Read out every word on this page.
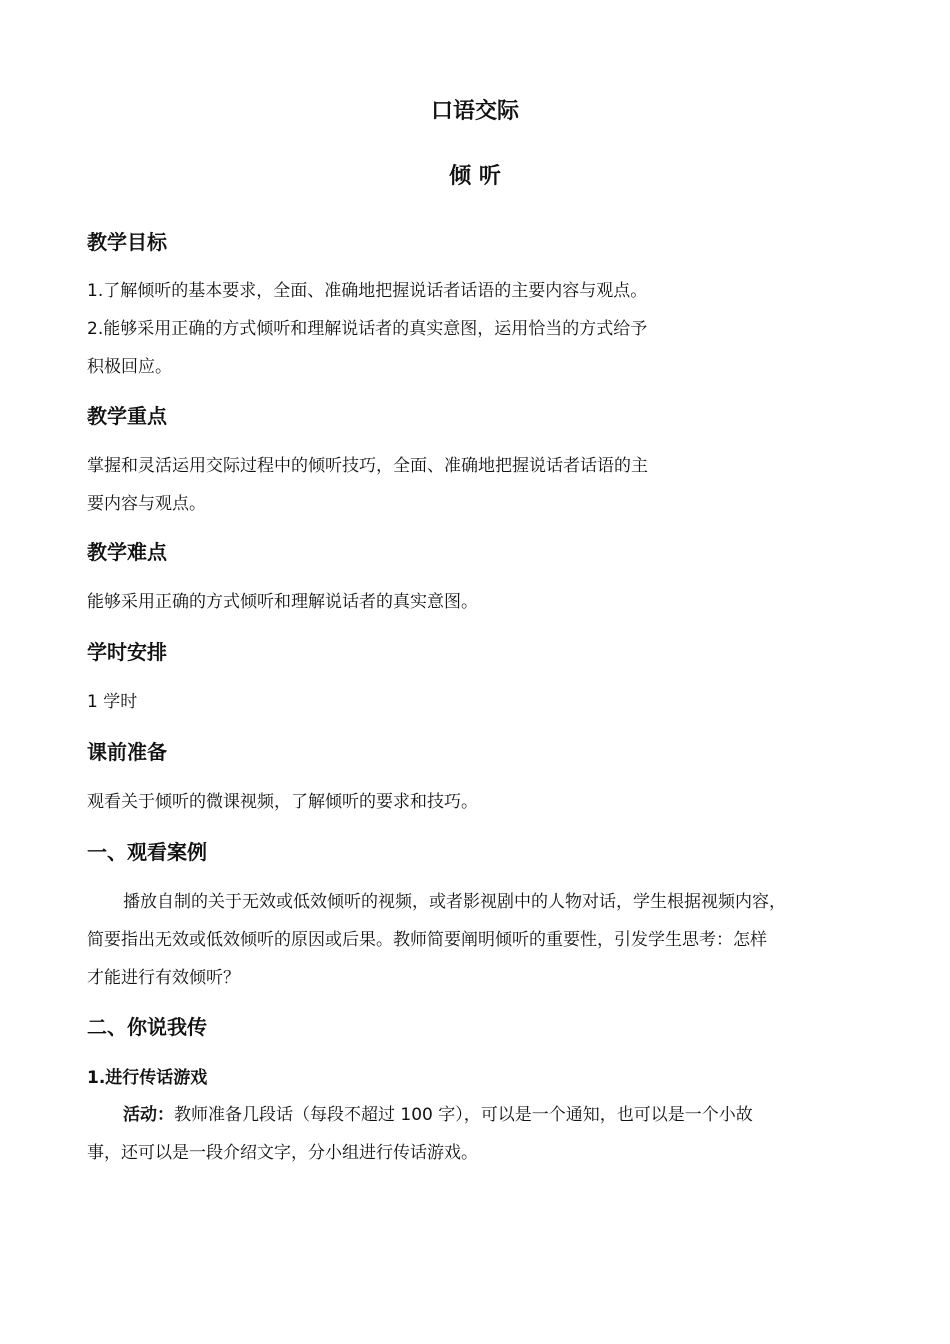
口语交际
倾 听
教学目标
1.了解倾听的基本要求，全面、准确地把握说话者话语的主要内容与观点。
2.能够采用正确的方式倾听和理解说话者的真实意图，运用恰当的方式给予
积极回应。
教学重点
掌握和灵活运用交际过程中的倾听技巧，全面、准确地把握说话者话语的主
要内容与观点。
教学难点
能够采用正确的方式倾听和理解说话者的真实意图。
学时安排
1 学时
课前准备
观看关于倾听的微课视频，了解倾听的要求和技巧。
一、观看案例
播放自制的关于无效或低效倾听的视频，或者影视剧中的人物对话，学生根据视频内容，
简要指出无效或低效倾听的原因或后果。教师简要阐明倾听的重要性，引发学生思考：怎样
才能进行有效倾听？
二、你说我传
1.进行传话游戏
活动：教师准备几段话（每段不超过 100 字），可以是一个通知，也可以是一个小故
事，还可以是一段介绍文字，分小组进行传话游戏。
